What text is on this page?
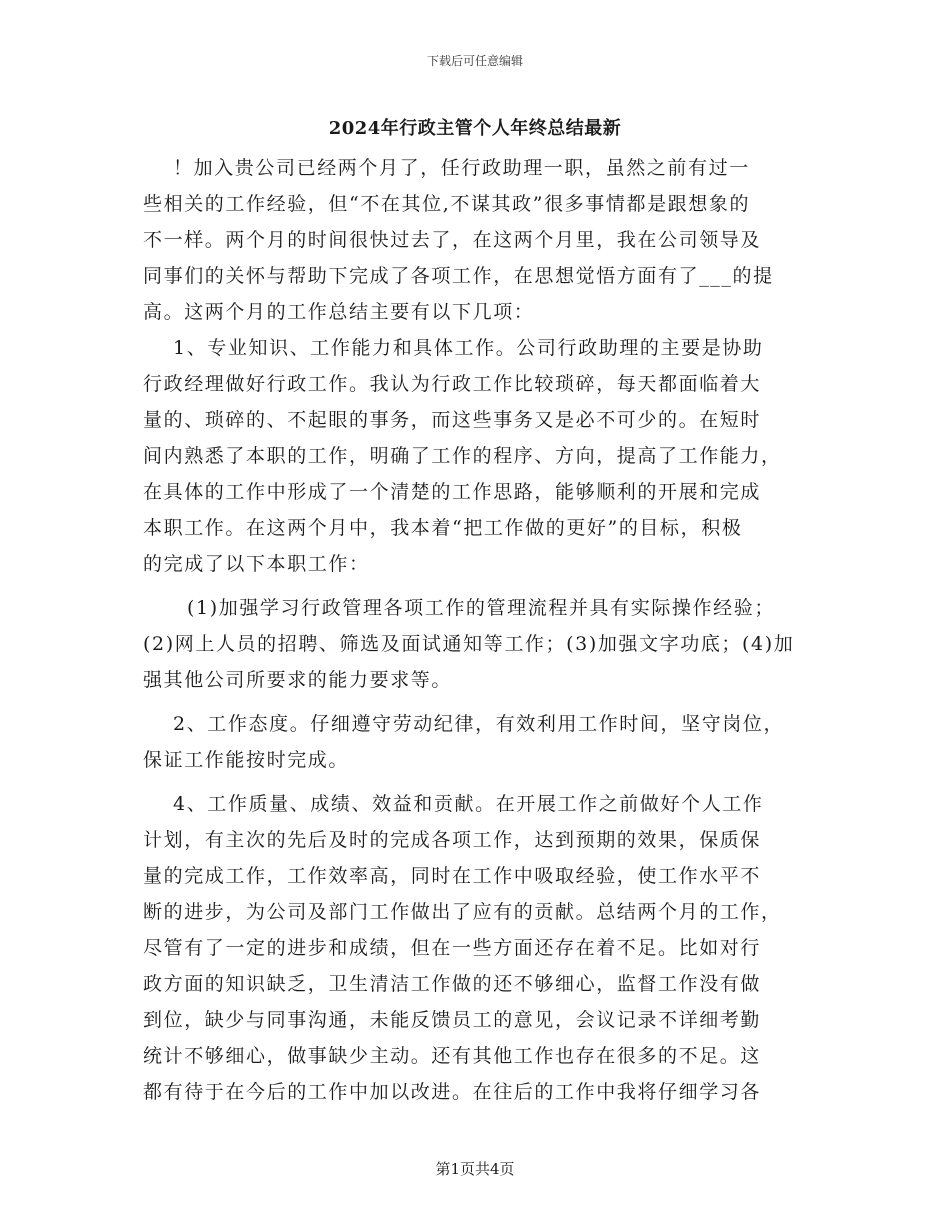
下载后可任意编辑
2024年行政主管个人年终总结最新
！加入贵公司已经两个月了，任行政助理一职，虽然之前有过一
些相关的工作经验，但“不在其位,不谋其政”很多事情都是跟想象的
不一样。两个月的时间很快过去了，在这两个月里，我在公司领导及
同事们的关怀与帮助下完成了各项工作，在思想觉悟方面有了___的提
高。这两个月的工作总结主要有以下几项：
1、专业知识、工作能力和具体工作。公司行政助理的主要是协助
行政经理做好行政工作。我认为行政工作比较琐碎，每天都面临着大
量的、琐碎的、不起眼的事务，而这些事务又是必不可少的。在短时
间内熟悉了本职的工作，明确了工作的程序、方向，提高了工作能力，
在具体的工作中形成了一个清楚的工作思路，能够顺利的开展和完成
本职工作。在这两个月中，我本着“把工作做的更好”的目标，积极
的完成了以下本职工作：
(1)加强学习行政管理各项工作的管理流程并具有实际操作经验；
(2)网上人员的招聘、筛选及面试通知等工作；(3)加强文字功底；(4)加
强其他公司所要求的能力要求等。
2、工作态度。仔细遵守劳动纪律，有效利用工作时间，坚守岗位，
保证工作能按时完成。
4、工作质量、成绩、效益和贡献。在开展工作之前做好个人工作
计划，有主次的先后及时的完成各项工作，达到预期的效果，保质保
量的完成工作，工作效率高，同时在工作中吸取经验，使工作水平不
断的进步，为公司及部门工作做出了应有的贡献。总结两个月的工作，
尽管有了一定的进步和成绩，但在一些方面还存在着不足。比如对行
政方面的知识缺乏，卫生清洁工作做的还不够细心，监督工作没有做
到位，缺少与同事沟通，未能反馈员工的意见，会议记录不详细考勤
统计不够细心，做事缺少主动。还有其他工作也存在很多的不足。这
都有待于在今后的工作中加以改进。在往后的工作中我将仔细学习各
第1页共4页
